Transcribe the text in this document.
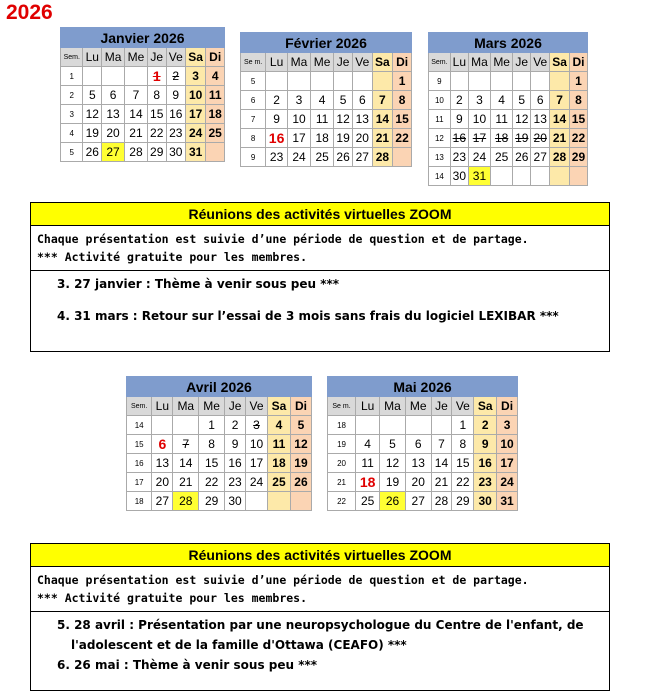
2026
Janvier 2026							
Sem.	Lu	Ma	Me	Je	Ve	Sa	Di
1				1	2	3	4
2	5	6	7	8	9	10	11
3	12	13	14	15	16	17	18
4	19	20	21	22	23	24	25
5	26	27	28	29	30	31	
Février 2026							
Se m.	Lu	Ma	Me	Je	Ve	Sa	Di
5							1
6	2	3	4	5	6	7	8
7	9	10	11	12	13	14	15
8	16	17	18	19	20	21	22
9	23	24	25	26	27	28	
Mars 2026							
Sem.	Lu	Ma	Me	Je	Ve	Sa	Di
9							1
10	2	3	4	5	6	7	8
11	9	10	11	12	13	14	15
12	16	17	18	19	20	21	22
13	23	24	25	26	27	28	29
14	30	31					
Avril 2026							
Sem.	Lu	Ma	Me	Je	Ve	Sa	Di
14			1	2	3	4	5
15	6	7	8	9	10	11	12
16	13	14	15	16	17	18	19
17	20	21	22	23	24	25	26
18	27	28	29	30			
Mai 2026							
Se m.	Lu	Ma	Me	Je	Ve	Sa	Di
18					1	2	3
19	4	5	6	7	8	9	10
20	11	12	13	14	15	16	17
21	18	19	20	21	22	23	24
22	25	26	27	28	29	30	31
Réunions des activités virtuelles ZOOM
Chaque présentation est suivie d’une période de question et de partage.
*** Activité gratuite pour les membres.
3. 27 janvier : Thème à venir sous peu ***
4. 31 mars : Retour sur l’essai de 3 mois sans frais du logiciel LEXIBAR ***
Réunions des activités virtuelles ZOOM
Chaque présentation est suivie d’une période de question et de partage.
*** Activité gratuite pour les membres.
5. 28 avril : Présentation par une neuropsychologue du Centre de l'enfant, de
l'adolescent et de la famille d'Ottawa (CEAFO) ***
6. 26 mai : Thème à venir sous peu ***
